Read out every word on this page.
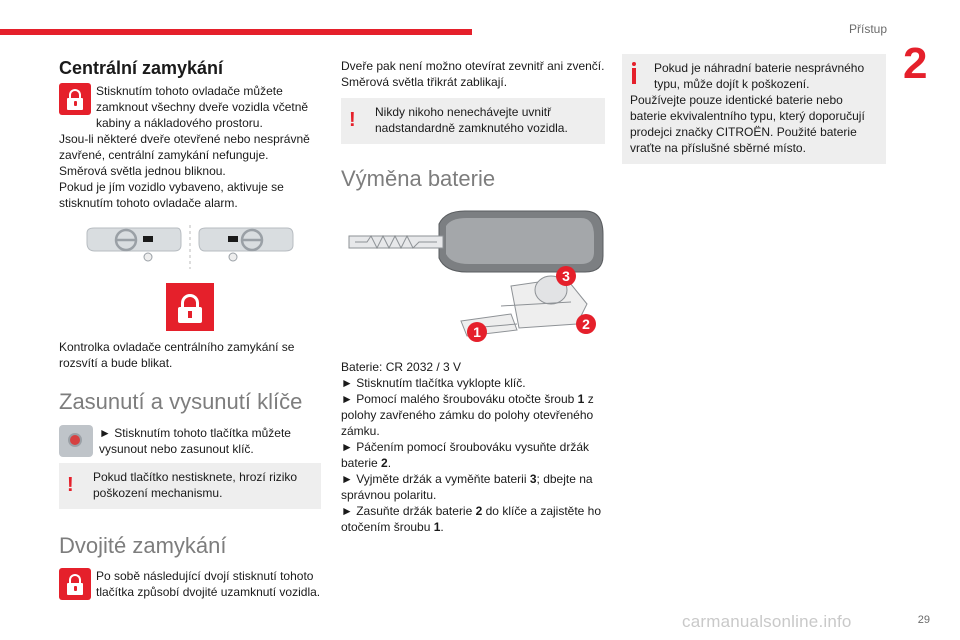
Přístup
2
Centrální zamykání

Stisknutím tohoto ovladače můžete zamknout všechny dveře vozidla včetně kabiny a nákladového prostoru.

Jsou-li některé dveře otevřené nebo nesprávně zavřené, centrální zamykání nefunguje.

Směrová světla jednou bliknou.

Pokud je jím vozidlo vybaveno, aktivuje se stisknutím tohoto ovladače alarm.

Kontrolka ovladače centrálního zamykání se rozsvítí a bude blikat.

Zasunutí a vysunutí klíče

► Stisknutím tohoto tlačítka můžete vysunout nebo zasunout klíč.

!	Pokud tlačítko nestisknete, hrozí riziko poškození mechanismu.
Dvojité zamykání

Po sobě následující dvojí stisknutí tohoto tlačítka způsobí dvojité uzamknutí vozidla.

Dveře pak není možno otevírat zevnitř ani zvenčí.

Směrová světla třikrát zablikají.

!	Nikdy nikoho nenechávejte uvnitř nadstandardně zamknutého vozidla.
Výměna baterie
1	2
3

Baterie: CR 2032 / 3 V

► Stisknutím tlačítka vyklopte klíč.

► Pomocí malého šroubováku otočte šroub 1 z polohy zavřeného zámku do polohy otevřeného zámku.

► Páčením pomocí šroubováku vysuňte držák baterie 2.

► Vyjměte držák a vyměňte baterii 3; dbejte na správnou polaritu.

► Zasuňte držák baterie 2 do klíče a zajistěte ho otočením šroubu 1.

Pokud je náhradní baterie nesprávného typu, může dojít k poškození.

Používejte pouze identické baterie nebo baterie ekvivalentního typu, který doporučují prodejci značky CITROËN. Použité baterie vraťte na příslušné sběrné místo.

29
carmanualsonline.info
